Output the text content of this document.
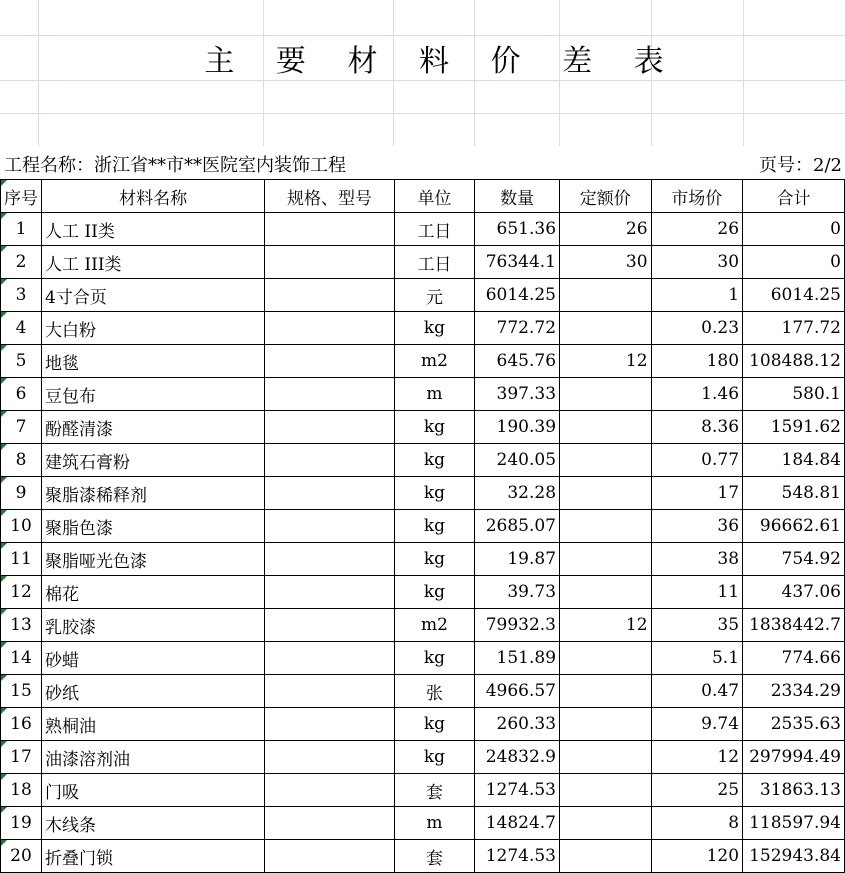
主 要 材 料 价 差 表
工程名称：浙江省**市**医院室内装饰工程	页号：2/2
序号	材料名称	规格、型号	单位	数量	定额价	市场价	合计
1	人工 II类		工日	651.36	26	26	0
2	人工 III类		工日	76344.1	30	30	0
3	4寸合页		元	6014.25		1	6014.25
4	大白粉		kg	772.72		0.23	177.72
5	地毯		m2	645.76	12	180	108488.12
6	豆包布		m	397.33		1.46	580.1
7	酚醛清漆		kg	190.39		8.36	1591.62
8	建筑石膏粉		kg	240.05		0.77	184.84
9	聚脂漆稀释剂		kg	32.28		17	548.81
10	聚脂色漆		kg	2685.07		36	96662.61
11	聚脂哑光色漆		kg	19.87		38	754.92
12	棉花		kg	39.73		11	437.06
13	乳胶漆		m2	79932.3	12	35	1838442.7
14	砂蜡		kg	151.89		5.1	774.66
15	砂纸		张	4966.57		0.47	2334.29
16	熟桐油		kg	260.33		9.74	2535.63
17	油漆溶剂油		kg	24832.9		12	297994.49
18	门吸		套	1274.53		25	31863.13
19	木线条		m	14824.7		8	118597.94
20	折叠门锁		套	1274.53		120	152943.84
